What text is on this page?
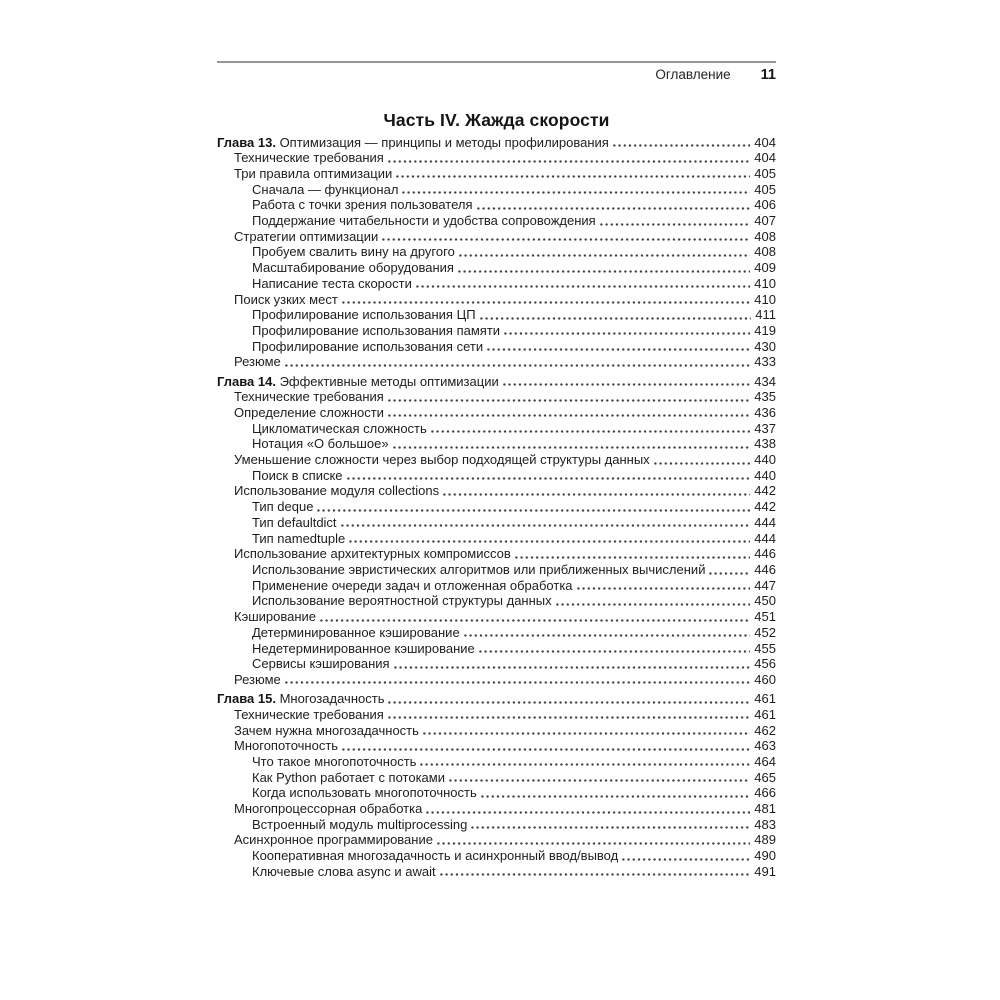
Оглавление 11
Часть IV. Жажда скорости
Глава 13. Оптимизация — принципы и методы профилирования	404
Технические требования	404
Три правила оптимизации	405
Сначала — функционал	405
Работа с точки зрения пользователя	406
Поддержание читабельности и удобства сопровождения	407
Стратегии оптимизации	408
Пробуем свалить вину на другого	408
Масштабирование оборудования	409
Написание теста скорости	410
Поиск узких мест	410
Профилирование использования ЦП	411
Профилирование использования памяти	419
Профилирование использования сети	430
Резюме	433
Глава 14. Эффективные методы оптимизации	434
Технические требования	435
Определение сложности	436
Цикломатическая сложность	437
Нотация «О большое»	438
Уменьшение сложности через выбор подходящей структуры данных	440
Поиск в списке	440
Использование модуля collections	442
Тип deque	442
Тип defaultdict	444
Тип namedtuple	444
Использование архитектурных компромиссов	446
Использование эвристических алгоритмов или приближенных вычислений	446
Применение очереди задач и отложенная обработка	447
Использование вероятностной структуры данных	450
Кэширование	451
Детерминированное кэширование	452
Недетерминированное кэширование	455
Сервисы кэширования	456
Резюме	460
Глава 15. Многозадачность	461
Технические требования	461
Зачем нужна многозадачность	462
Многопоточность	463
Что такое многопоточность	464
Как Python работает с потоками	465
Когда использовать многопоточность	466
Многопроцессорная обработка	481
Встроенный модуль multiprocessing	483
Асинхронное программирование	489
Кооперативная многозадачность и асинхронный ввод/вывод	490
Ключевые слова async и await	491
